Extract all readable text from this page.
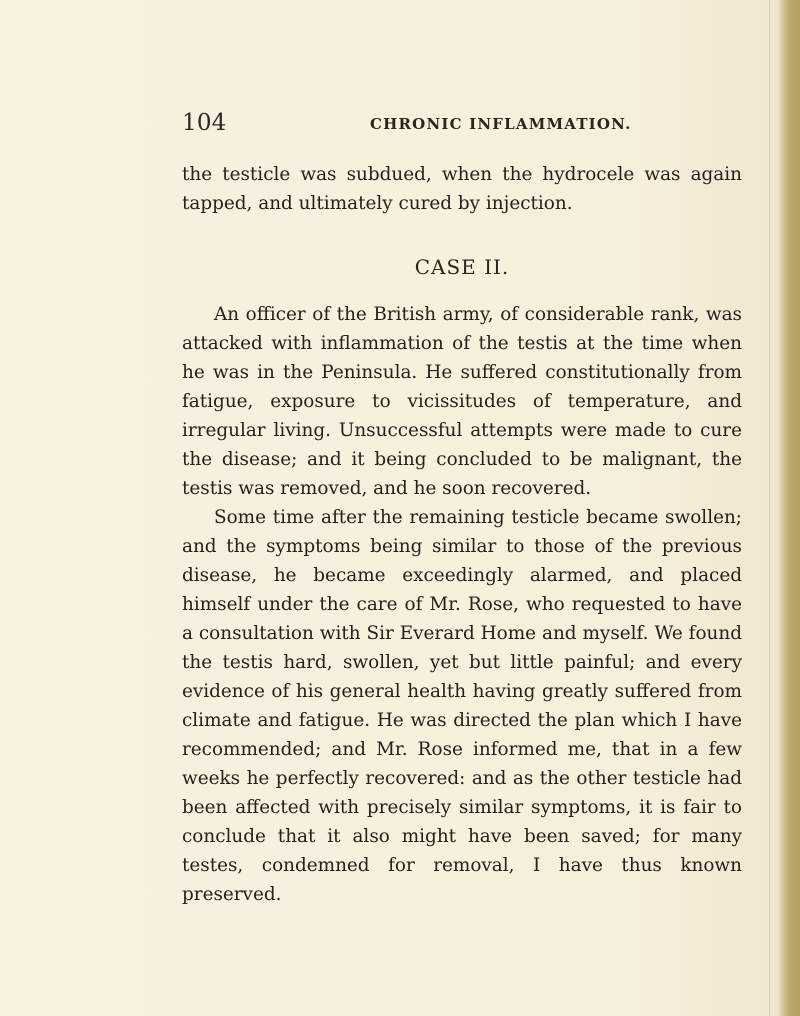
104	CHRONIC INFLAMMATION.

the testicle was subdued, when the hydrocele was again tapped, and ultimately cured by injection.

CASE II.

An officer of the British army, of considerable rank, was attacked with inflammation of the testis at the time when he was in the Peninsula. He suffered constitutionally from fatigue, exposure to vicissitudes of temperature, and irregular living. Unsuccessful attempts were made to cure the disease; and it being concluded to be malignant, the testis was removed, and he soon recovered.

Some time after the remaining testicle became swollen; and the symptoms being similar to those of the previous disease, he became exceedingly alarmed, and placed himself under the care of Mr. Rose, who requested to have a consultation with Sir Everard Home and myself. We found the testis hard, swollen, yet but little painful; and every evidence of his general health having greatly suffered from climate and fatigue. He was directed the plan which I have recommended; and Mr. Rose informed me, that in a few weeks he perfectly recovered: and as the other testicle had been affected with precisely similar symptoms, it is fair to conclude that it also might have been saved; for many testes, condemned for removal, I have thus known preserved.
